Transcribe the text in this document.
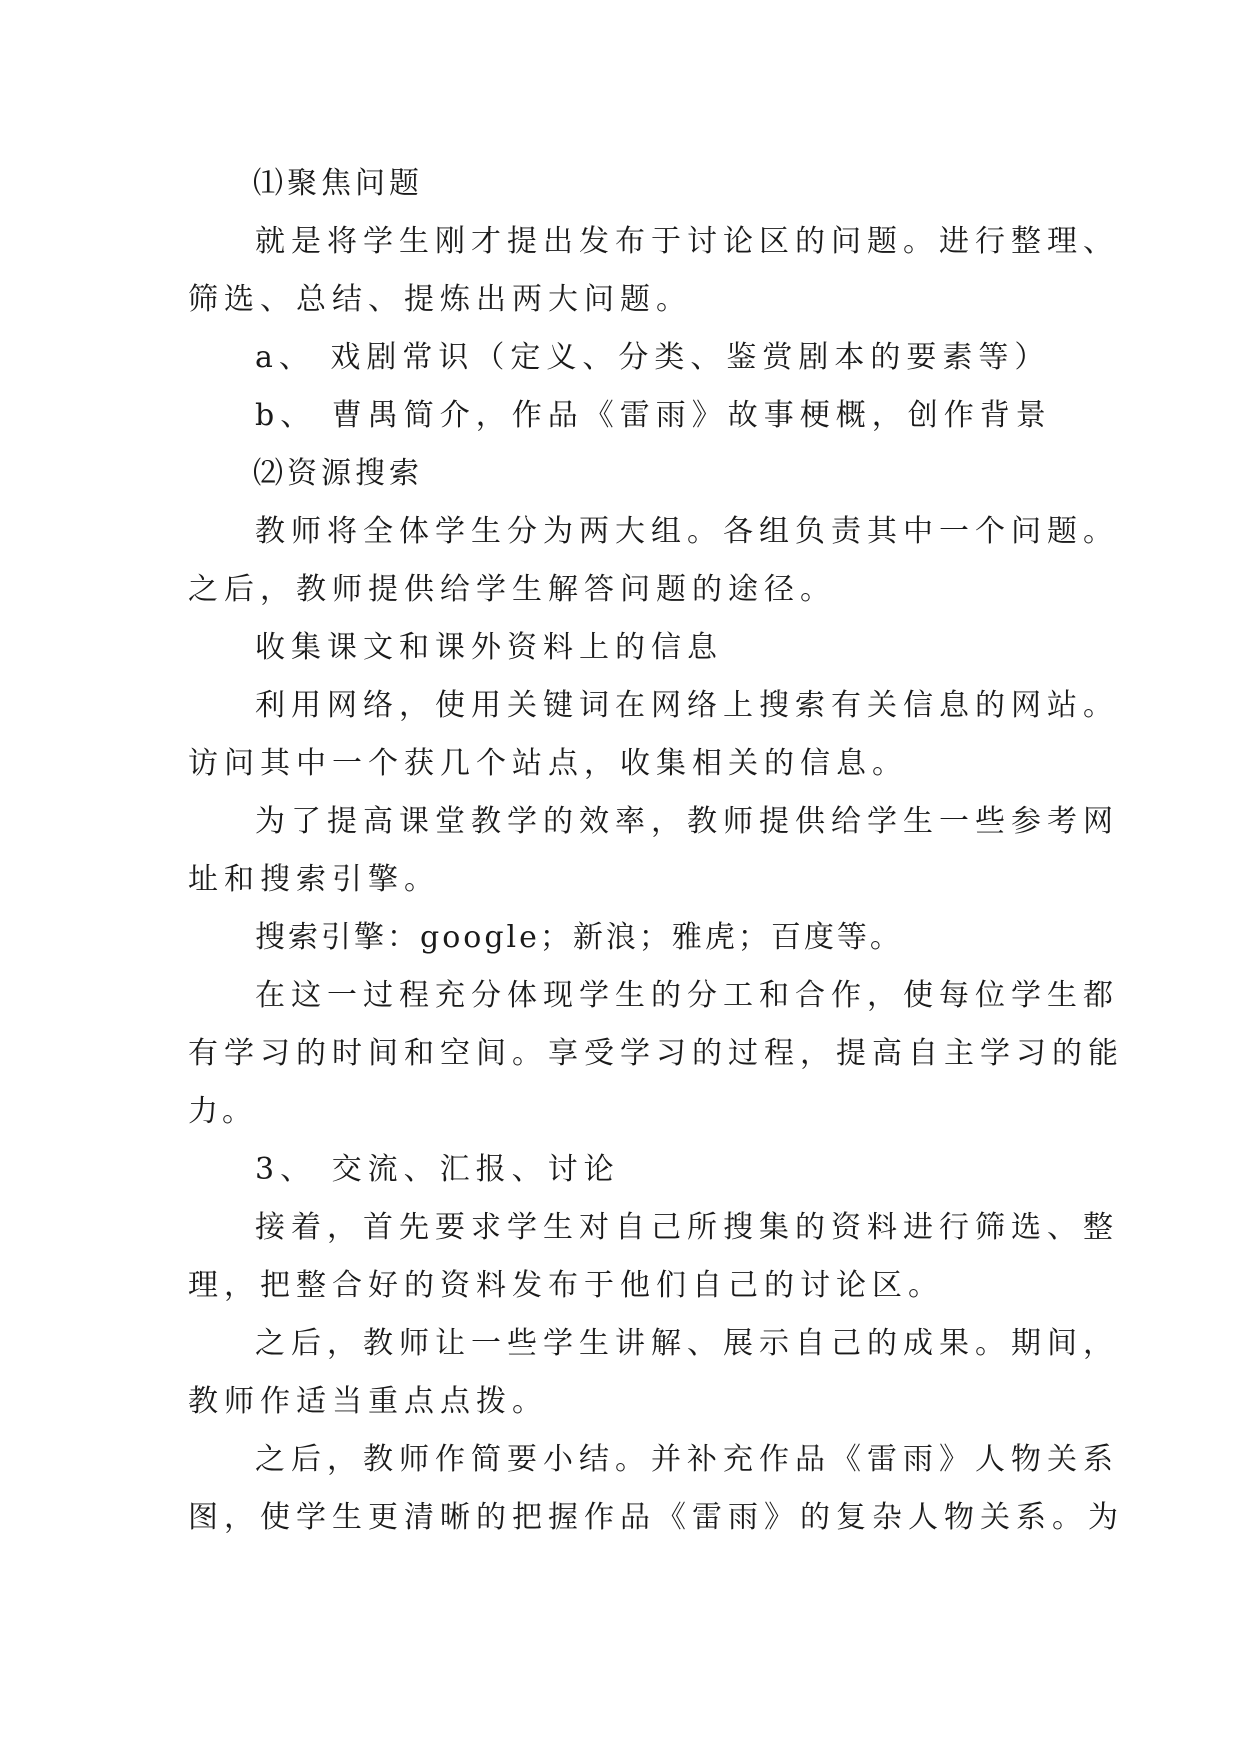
⑴聚焦问题
就是将学生刚才提出发布于讨论区的问题。进行整理、
筛选、总结、提炼出两大问题。
a、 戏剧常识（定义、分类、鉴赏剧本的要素等）
b、 曹禺简介，作品《雷雨》故事梗概，创作背景
⑵资源搜索
教师将全体学生分为两大组。各组负责其中一个问题。
之后，教师提供给学生解答问题的途径。
收集课文和课外资料上的信息
利用网络，使用关键词在网络上搜索有关信息的网站。
访问其中一个获几个站点，收集相关的信息。
为了提高课堂教学的效率，教师提供给学生一些参考网
址和搜索引擎。
搜索引擎：google；新浪；雅虎；百度等。
在这一过程充分体现学生的分工和合作，使每位学生都
有学习的时间和空间。享受学习的过程，提高自主学习的能
力。
3、 交流、汇报、讨论
接着，首先要求学生对自己所搜集的资料进行筛选、整
理，把整合好的资料发布于他们自己的讨论区。
之后，教师让一些学生讲解、展示自己的成果。期间，
教师作适当重点点拨。
之后，教师作简要小结。并补充作品《雷雨》人物关系
图，使学生更清晰的把握作品《雷雨》的复杂人物关系。为
